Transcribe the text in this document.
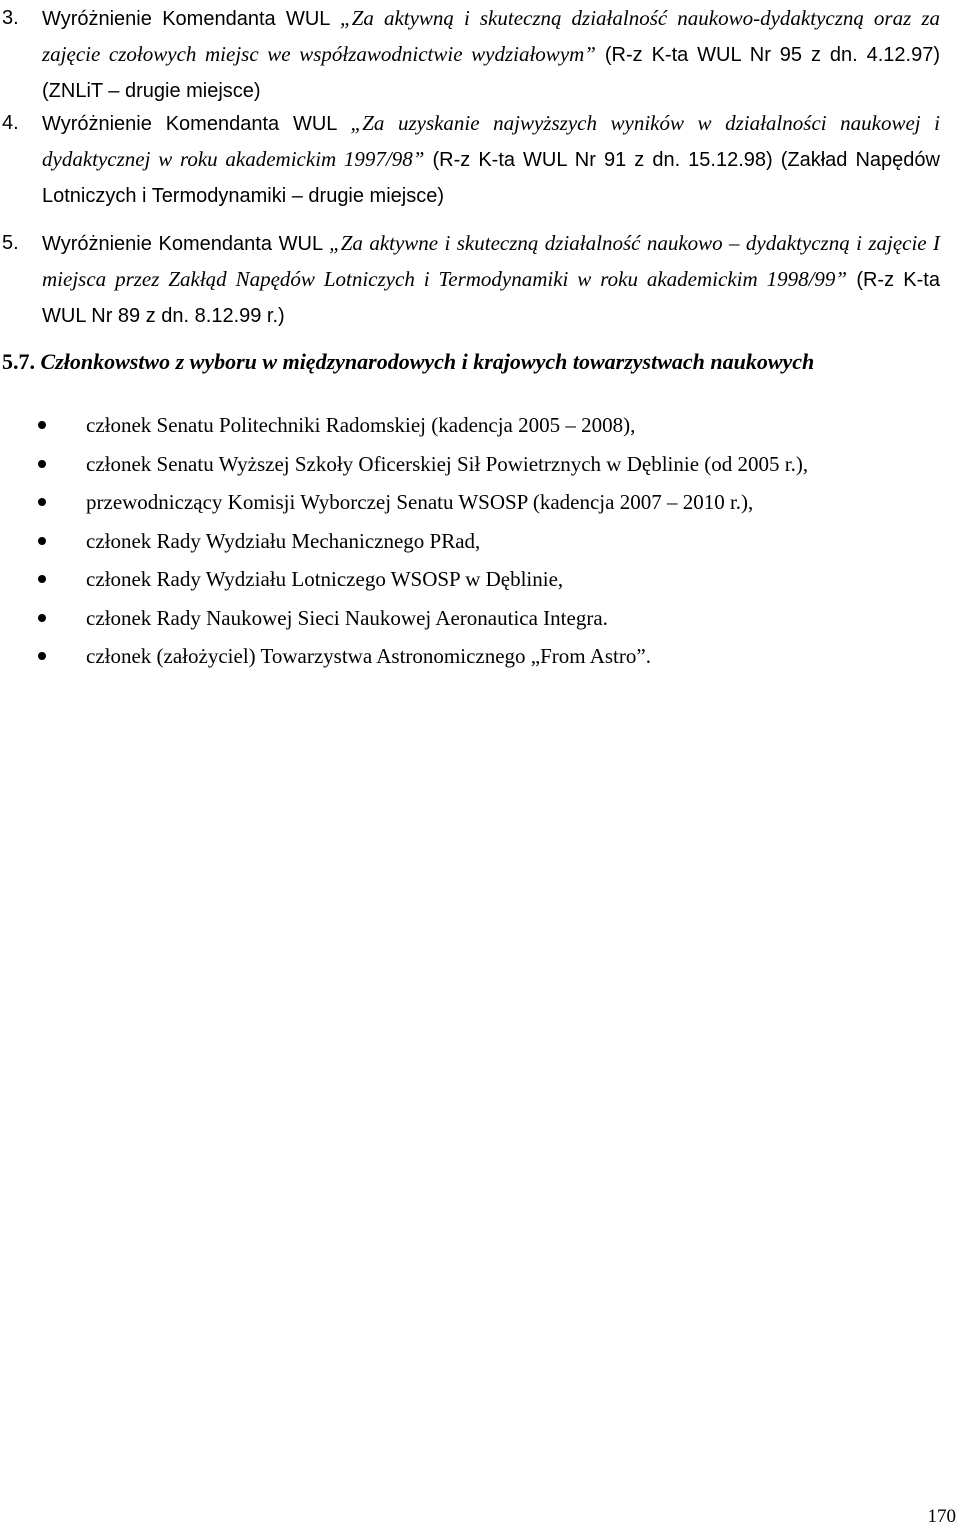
3. Wyróżnienie Komendanta WUL „Za aktywną i skuteczną działalność naukowo-dydaktyczną oraz za zajęcie czołowych miejsc we współzawodnictwie wydziałowym” (R-z K-ta WUL Nr 95 z dn. 4.12.97) (ZNLiT – drugie miejsce)
4. Wyróżnienie Komendanta WUL „Za uzyskanie najwyższych wyników w działalności naukowej i dydaktycznej w roku akademickim 1997/98” (R-z K-ta WUL Nr 91 z dn. 15.12.98) (Zakład Napędów Lotniczych i Termodynamiki – drugie miejsce)
5. Wyróżnienie Komendanta WUL „Za aktywne i skuteczną działalność naukowo – dydaktyczną i zajęcie I miejsca przez Zakłąd Napędów Lotniczych i Termodynamiki w roku akademickim 1998/99” (R-z K-ta WUL Nr 89 z dn. 8.12.99 r.)
5.7. Członkowstwo z wyboru w międzynarodowych i krajowych towarzystwach naukowych
członek Senatu Politechniki Radomskiej (kadencja 2005 – 2008),
członek Senatu Wyższej Szkoły Oficerskiej Sił Powietrznych w Dęblinie (od 2005 r.),
przewodniczący Komisji Wyborczej Senatu WSOSP (kadencja 2007 – 2010 r.),
członek Rady Wydziału Mechanicznego PRad,
członek Rady Wydziału Lotniczego WSOSP w Dęblinie,
członek Rady Naukowej Sieci Naukowej Aeronautica Integra.
członek (założyciel) Towarzystwa Astronomicznego „From Astro”.
170
